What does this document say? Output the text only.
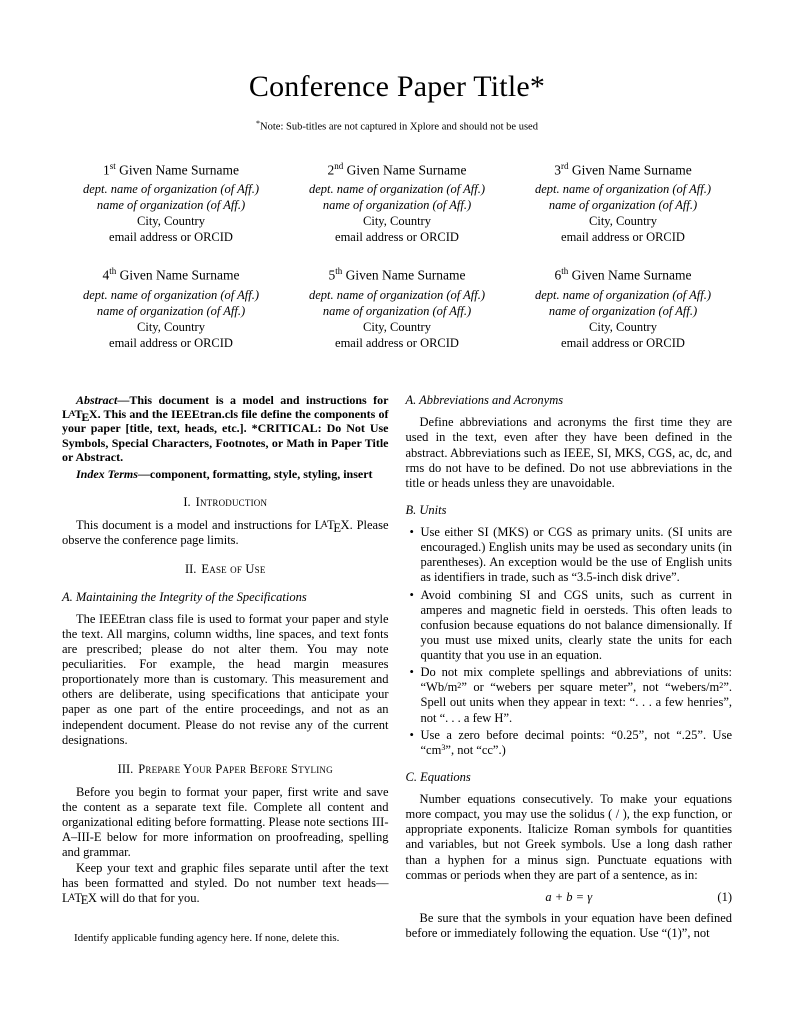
Conference Paper Title*
*Note: Sub-titles are not captured in Xplore and should not be used
1st Given Name Surname
dept. name of organization (of Aff.)
name of organization (of Aff.)
City, Country
email address or ORCID
2nd Given Name Surname
dept. name of organization (of Aff.)
name of organization (of Aff.)
City, Country
email address or ORCID
3rd Given Name Surname
dept. name of organization (of Aff.)
name of organization (of Aff.)
City, Country
email address or ORCID
4th Given Name Surname
dept. name of organization (of Aff.)
name of organization (of Aff.)
City, Country
email address or ORCID
5th Given Name Surname
dept. name of organization (of Aff.)
name of organization (of Aff.)
City, Country
email address or ORCID
6th Given Name Surname
dept. name of organization (of Aff.)
name of organization (of Aff.)
City, Country
email address or ORCID

Abstract—This document is a model and instructions for LATEX. This and the IEEEtran.cls file define the components of your paper [title, text, heads, etc.]. *CRITICAL: Do Not Use Symbols, Special Characters, Footnotes, or Math in Paper Title or Abstract.

Index Terms—component, formatting, style, styling, insert

I. Introduction

This document is a model and instructions for LATEX. Please observe the conference page limits.

II. Ease of Use
A. Maintaining the Integrity of the Specifications

The IEEEtran class file is used to format your paper and style the text. All margins, column widths, line spaces, and text fonts are prescribed; please do not alter them. You may note peculiarities. For example, the head margin measures proportionately more than is customary. This measurement and others are deliberate, using specifications that anticipate your paper as one part of the entire proceedings, and not as an independent document. Please do not revise any of the current designations.

III. Prepare Your Paper Before Styling

Before you begin to format your paper, first write and save the content as a separate text file. Complete all content and organizational editing before formatting. Please note sections III-A–III-E below for more information on proofreading, spelling and grammar.

Keep your text and graphic files separate until after the text has been formatted and styled. Do not number text heads—LATEX will do that for you.

Identify applicable funding agency here. If none, delete this.
A. Abbreviations and Acronyms

Define abbreviations and acronyms the first time they are used in the text, even after they have been defined in the abstract. Abbreviations such as IEEE, SI, MKS, CGS, ac, dc, and rms do not have to be defined. Do not use abbreviations in the title or heads unless they are unavoidable.

B. Units
• Use either SI (MKS) or CGS as primary units. (SI units are encouraged.) English units may be used as secondary units (in parentheses). An exception would be the use of English units as identifiers in trade, such as “3.5-inch disk drive”.
• Avoid combining SI and CGS units, such as current in amperes and magnetic field in oersteds. This often leads to confusion because equations do not balance dimensionally. If you must use mixed units, clearly state the units for each quantity that you use in an equation.
• Do not mix complete spellings and abbreviations of units: “$Wb/m^2$” or “webers per square meter”, not “$webers/m^2$”. Spell out units when they appear in text: “. . . a few henries”, not “. . . a few H”.
• Use a zero before decimal points: “0.25”, not “.25”. Use “$cm^3$”, not “cc”.)
C. Equations

Number equations consecutively. To make your equations more compact, you may use the solidus ( / ), the exp function, or appropriate exponents. Italicize Roman symbols for quantities and variables, but not Greek symbols. Use a long dash rather than a hyphen for a minus sign. Punctuate equations with commas or periods when they are part of a sentence, as in:

a + b = γ	(1)

Be sure that the symbols in your equation have been defined before or immediately following the equation. Use “(1)”, not
